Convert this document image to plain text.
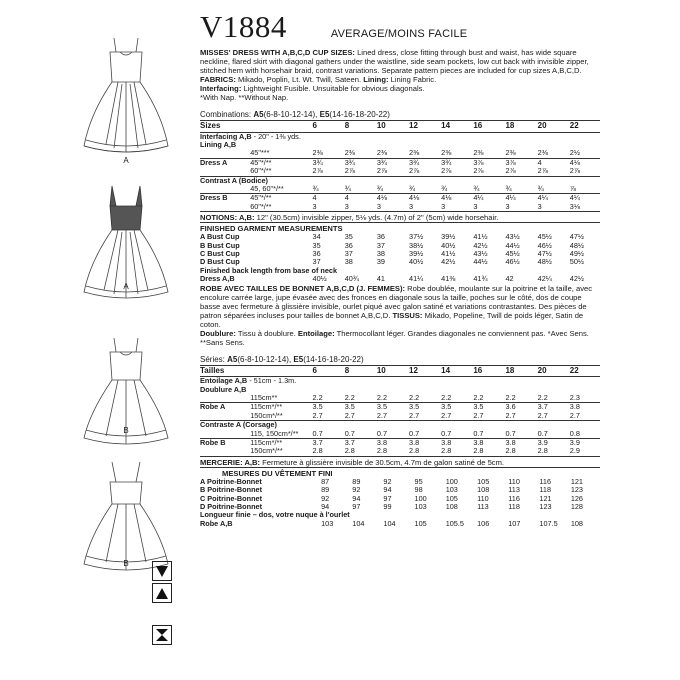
A
A
B
B
V1884	AVERAGE/MOINS FACILE
MISSES' DRESS WITH A,B,C,D CUP SIZES: Lined dress, close fitting through bust and waist, has wide square neckline, flared skirt with diagonal gathers under the waistline, side seam pockets, low cut back with invisible zipper, stitched hem with horsehair braid, contrast variations. Separate pattern pieces are included for cup sizes A,B,C,D. FABRICS: Mikado, Poplin, Lt. Wt. Twill, Sateen. Lining: Lining Fabric.
Interfacing: Lightweight Fusible. Unsuitable for obvious diagonals.
*With Nap. **Without Nap.
Combinations: A5(6-8-10-12-14), E5(14-16-18-20-22)
Sizes		6	8	10	12	14	16	18	20	22
Interfacing A,B - 20" - 1⅜ yds.										
Lining A,B										
	45"***	2⅜	2⅜	2⅜	2⅜	2⅜	2⅜	2⅜	2⅜	2½
Dress A	45"*/**	3¾	3¾	3¾	3¾	3¾	3⅞	3⅞	4	4⅛
	60"*/**	2⅞	2⅞	2⅞	2⅞	2⅞	2⅞	2⅞	2⅞	2⅞
Contrast A (Bodice)										
	45, 60"*/**	¾	¾	¾	¾	¾	¾	¾	¾	⅞
Dress B	45"*/**	4	4	4⅛	4⅛	4⅛	4¼	4¼	4¼	4¼
	60"*/**	3	3	3	3	3	3	3	3	3⅛
NOTIONS: A,B: 12" (30.5cm) invisible zipper, 5⅛ yds. (4.7m) of 2" (5cm) wide horsehair.
FINISHED GARMENT MEASUREMENTS
A Bust Cup		34	35	36	37½	39½	41½	43½	45½	47½
B Bust Cup		35	36	37	38½	40½	42½	44½	46½	48½
C Bust Cup		36	37	38	39½	41½	43½	45½	47½	49½
D Bust Cup		37	38	39	40½	42½	44½	46½	48½	50½
Finished back length from base of neck										
Dress A,B		40½	40¾	41	41¼	41⅜	41¾	42	42¼	42½
ROBE AVEC TAILLES DE BONNET A,B,C,D (J. FEMMES): Robe doublée, moulante sur la poitrine et la taille, avec encolure carrée large, jupe évasée avec des fronces en diagonale sous la taille, poches sur le côté, dos de coupe basse avec fermeture à glissière invisible, ourlet piqué avec galon satiné et variations contrastantes. Des pièces de patron séparées incluses pour tailles de bonnet A,B,C,D. TISSUS: Mikado, Popeline, Twill de poids léger, Satin de coton.
Doublure: Tissu à doublure. Entoilage: Thermocollant léger. Grandes diagonales ne conviennent pas. *Avec Sens. **Sans Sens.
Séries: A5(6-8-10-12-14), E5(14-16-18-20-22)
Tailles		6	8	10	12	14	16	18	20	22
Entoilage A,B - 51cm - 1.3m.										
Doublure A,B										
	115cm**	2.2	2.2	2.2	2.2	2.2	2.2	2.2	2.2	2.3
Robe A	115cm*/**	3.5	3.5	3.5	3.5	3.5	3.5	3.6	3.7	3.8
	150cm*/**	2.7	2.7	2.7	2.7	2.7	2.7	2.7	2.7	2.7
Contraste A (Corsage)										
	115, 150cm*/**	0.7	0.7	0.7	0.7	0.7	0.7	0.7	0.7	0.8
Robe B	115cm*/**	3.7	3.7	3.8	3.8	3.8	3.8	3.8	3.9	3.9
	150cm*/**	2.8	2.8	2.8	2.8	2.8	2.8	2.8	2.8	2.9
MERCERIE: A,B: Fermeture à glissière invisible de 30.5cm, 4.7m de galon satiné de 5cm.
MESURES DU VÊTEMENT FINI
A Poitrine-Bonnet		87	89	92	95	100	105	110	116	121
B Poitrine-Bonnet		89	92	94	98	103	108	113	118	123
C Poitrine-Bonnet		92	94	97	100	105	110	116	121	126
D Poitrine-Bonnet		94	97	99	103	108	113	118	123	128
Longueur finie – dos, votre nuque à l'ourlet										
Robe A,B		103	104	104	105	105.5	106	107	107.5	108
